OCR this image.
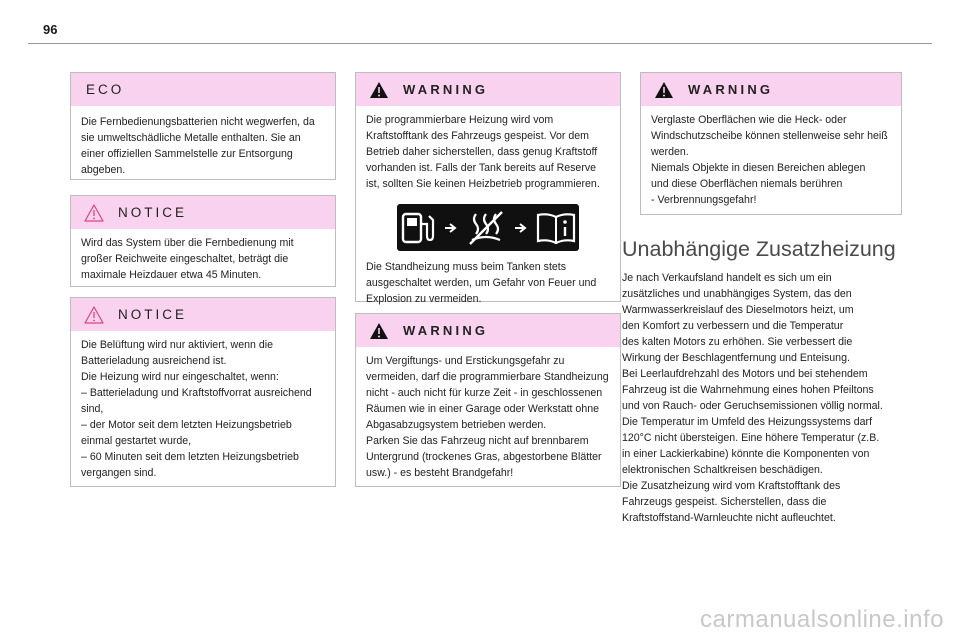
96
ECO

Die Fernbedienungsbatterien nicht wegwerfen, da
sie umweltschädliche Metalle enthalten. Sie an
einer offiziellen Sammelstelle zur Entsorgung
abgeben.

NOTICE

Wird das System über die Fernbedienung mit
großer Reichweite eingeschaltet, beträgt die
maximale Heizdauer etwa 45 Minuten.

NOTICE

Die Belüftung wird nur aktiviert, wenn die
Batterieladung ausreichend ist.
Die Heizung wird nur eingeschaltet, wenn:
– Batterieladung und Kraftstoffvorrat ausreichend
sind,
– der Motor seit dem letzten Heizungsbetrieb
einmal gestartet wurde,
– 60 Minuten seit dem letzten Heizungsbetrieb
vergangen sind.

WARNING

Die programmierbare Heizung wird vom
Kraftstofftank des Fahrzeugs gespeist. Vor dem
Betrieb daher sicherstellen, dass genug Kraftstoff
vorhanden ist. Falls der Tank bereits auf Reserve
ist, sollten Sie keinen Heizbetrieb programmieren.

Die Standheizung muss beim Tanken stets
ausgeschaltet werden, um Gefahr von Feuer und
Explosion zu vermeiden.

WARNING

Um Vergiftungs- und Erstickungsgefahr zu
vermeiden, darf die programmierbare Standheizung
nicht - auch nicht für kurze Zeit - in geschlossenen
Räumen wie in einer Garage oder Werkstatt ohne
Abgasabzugsystem betrieben werden.
Parken Sie das Fahrzeug nicht auf brennbarem
Untergrund (trockenes Gras, abgestorbene Blätter
usw.) - es besteht Brandgefahr!

WARNING

Verglaste Oberflächen wie die Heck- oder
Windschutzscheibe können stellenweise sehr heiß
werden.
Niemals Objekte in diesen Bereichen ablegen
und diese Oberflächen niemals berühren
- Verbrennungsgefahr!

Unabhängige Zusatzheizung
Je nach Verkaufsland handelt es sich um ein
zusätzliches und unabhängiges System, das den
Warmwasserkreislauf des Dieselmotors heizt, um
den Komfort zu verbessern und die Temperatur
des kalten Motors zu erhöhen. Sie verbessert die
Wirkung der Beschlagentfernung und Enteisung.
Bei Leerlaufdrehzahl des Motors und bei stehendem
Fahrzeug ist die Wahrnehmung eines hohen Pfeiltons
und von Rauch- oder Geruchsemissionen völlig normal.
Die Temperatur im Umfeld des Heizungssystems darf
120°C nicht übersteigen. Eine höhere Temperatur (z.B.
in einer Lackierkabine) könnte die Komponenten von
elektronischen Schaltkreisen beschädigen.
Die Zusatzheizung wird vom Kraftstofftank des
Fahrzeugs gespeist. Sicherstellen, dass die
Kraftstoffstand-Warnleuchte nicht aufleuchtet.
carmanualsonline.info
